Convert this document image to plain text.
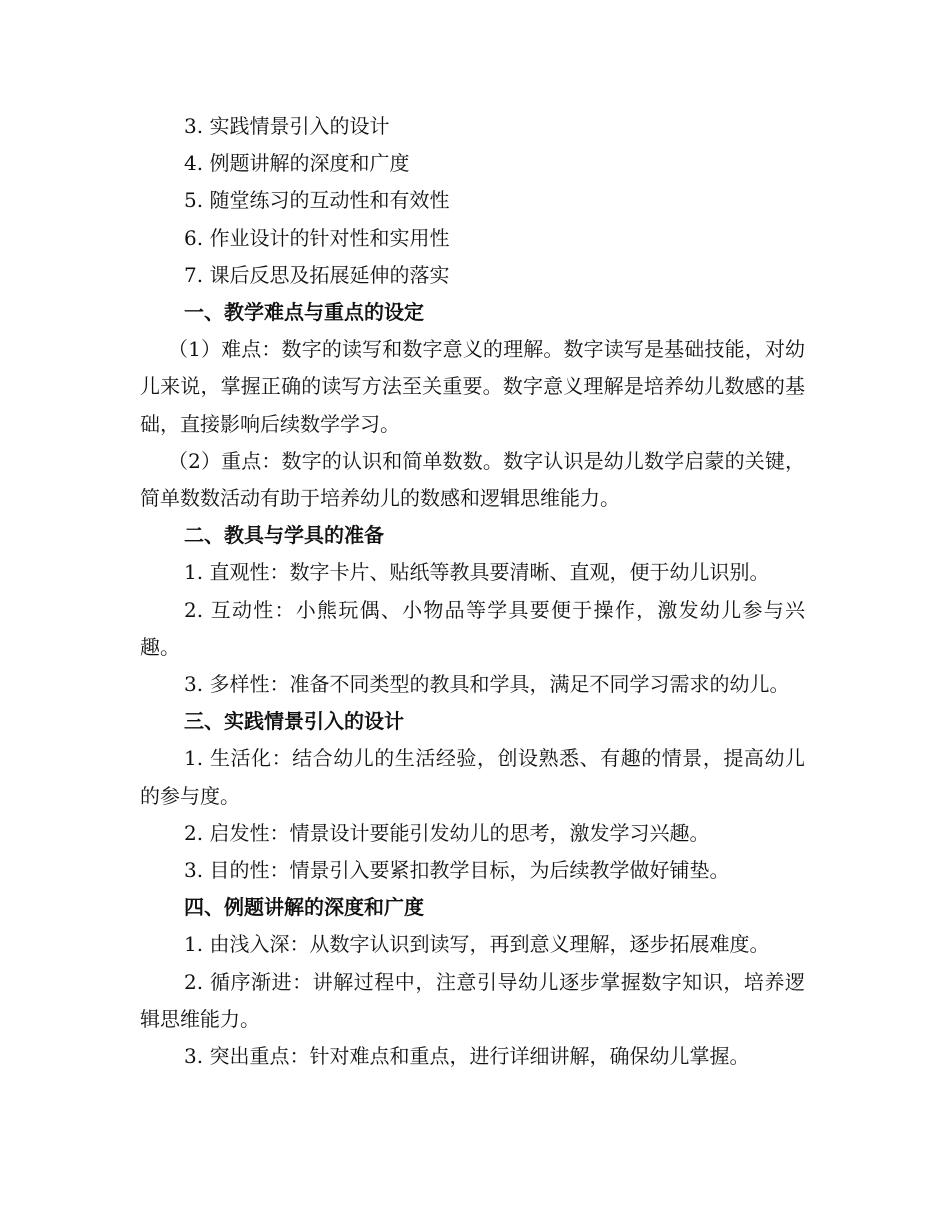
3. 实践情景引入的设计

4. 例题讲解的深度和广度

5. 随堂练习的互动性和有效性

6. 作业设计的针对性和实用性

7. 课后反思及拓展延伸的落实

一、教学难点与重点的设定

（1）难点：数字的读写和数字意义的理解。数字读写是基础技能，对幼儿来说，掌握正确的读写方法至关重要。数字意义理解是培养幼儿数感的基础，直接影响后续数学学习。

（2）重点：数字的认识和简单数数。数字认识是幼儿数学启蒙的关键，简单数数活动有助于培养幼儿的数感和逻辑思维能力。

二、教具与学具的准备

1. 直观性：数字卡片、贴纸等教具要清晰、直观，便于幼儿识别。

2. 互动性：小熊玩偶、小物品等学具要便于操作，激发幼儿参与兴趣。

3. 多样性：准备不同类型的教具和学具，满足不同学习需求的幼儿。

三、实践情景引入的设计

1. 生活化：结合幼儿的生活经验，创设熟悉、有趣的情景，提高幼儿的参与度。

2. 启发性：情景设计要能引发幼儿的思考，激发学习兴趣。

3. 目的性：情景引入要紧扣教学目标，为后续教学做好铺垫。

四、例题讲解的深度和广度

1. 由浅入深：从数字认识到读写，再到意义理解，逐步拓展难度。

2. 循序渐进：讲解过程中，注意引导幼儿逐步掌握数字知识，培养逻辑思维能力。

3. 突出重点：针对难点和重点，进行详细讲解，确保幼儿掌握。
